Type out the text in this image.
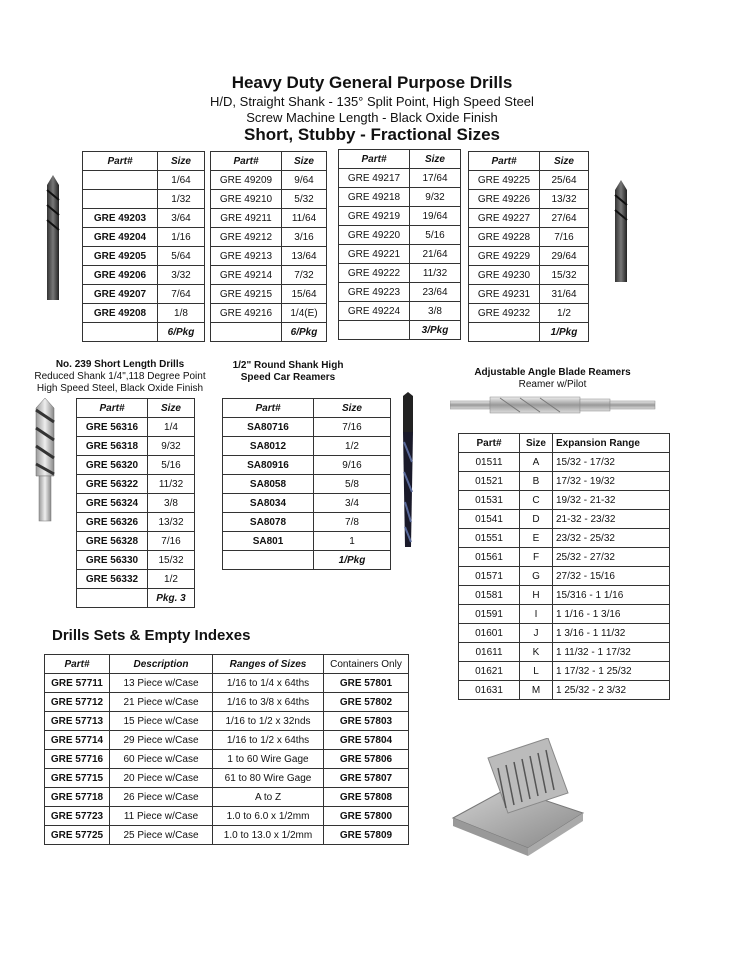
Heavy Duty General Purpose Drills
H/D, Straight Shank - 135° Split Point, High Speed Steel
Screw Machine Length - Black Oxide Finish
Short, Stubby - Fractional Sizes
Part#	Size
	1/64
	1/32
GRE 49203	3/64
GRE 49204	1/16
GRE 49205	5/64
GRE 49206	3/32
GRE 49207	7/64
GRE 49208	1/8
	6/Pkg
Part#	Size
GRE 49209	9/64
GRE 49210	5/32
GRE 49211	11/64
GRE 49212	3/16
GRE 49213	13/64
GRE 49214	7/32
GRE 49215	15/64
GRE 49216	1/4(E)
	6/Pkg
Part#	Size
GRE 49217	17/64
GRE 49218	9/32
GRE 49219	19/64
GRE 49220	5/16
GRE 49221	21/64
GRE 49222	11/32
GRE 49223	23/64
GRE 49224	3/8
	3/Pkg
Part#	Size
GRE 49225	25/64
GRE 49226	13/32
GRE 49227	27/64
GRE 49228	7/16
GRE 49229	29/64
GRE 49230	15/32
GRE 49231	31/64
GRE 49232	1/2
	1/Pkg
No. 239 Short Length Drills
Reduced Shank 1/4",118 Degree Point
High Speed Steel, Black Oxide Finish
Part#	Size
GRE 56316	1/4
GRE 56318	9/32
GRE 56320	5/16
GRE 56322	11/32
GRE 56324	3/8
GRE 56326	13/32
GRE 56328	7/16
GRE 56330	15/32
GRE 56332	1/2
	Pkg. 3
1/2" Round Shank High
Speed Car Reamers
Part#	Size
SA80716	7/16
SA8012	1/2
SA80916	9/16
SA8058	5/8
SA8034	3/4
SA8078	7/8
SA801	1
	1/Pkg
Adjustable Angle Blade Reamers
Reamer w/Pilot
Part#	Size	Expansion Range
01511	A	15/32 - 17/32
01521	B	17/32 - 19/32
01531	C	19/32 - 21-32
01541	D	21-32 - 23/32
01551	E	23/32 - 25/32
01561	F	25/32 - 27/32
01571	G	27/32 - 15/16
01581	H	15/316 - 1 1/16
01591	I	1 1/16 - 1 3/16
01601	J	1 3/16 - 1 11/32
01611	K	1 11/32 - 1 17/32
01621	L	1 17/32 - 1 25/32
01631	M	1 25/32 - 2 3/32
Drills Sets & Empty Indexes
Part#	Description	Ranges of Sizes	Containers Only
GRE 57711	13 Piece w/Case	1/16 to 1/4 x 64ths	GRE 57801
GRE 57712	21 Piece w/Case	1/16 to 3/8 x 64ths	GRE 57802
GRE 57713	15 Piece w/Case	1/16 to 1/2 x 32nds	GRE 57803
GRE 57714	29 Piece w/Case	1/16 to 1/2 x 64ths	GRE 57804
GRE 57716	60 Piece w/Case	1 to 60 Wire Gage	GRE 57806
GRE 57715	20 Piece w/Case	61 to 80 Wire Gage	GRE 57807
GRE 57718	26 Piece w/Case	A to Z	GRE 57808
GRE 57723	11 Piece w/Case	1.0 to 6.0 x 1/2mm	GRE 57800
GRE 57725	25 Piece w/Case	1.0 to 13.0 x 1/2mm	GRE 57809
